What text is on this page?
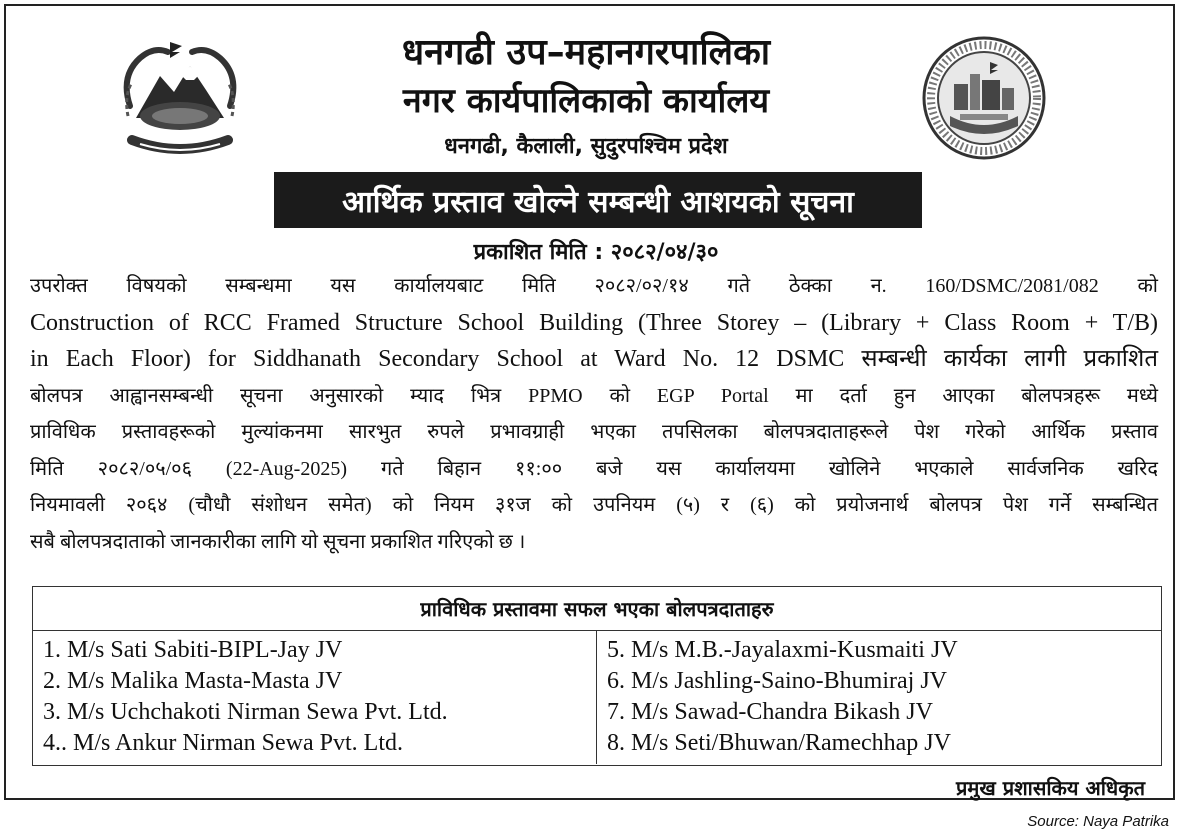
धनगढी उप–महानगरपालिका
नगर कार्यपालिकाको कार्यालय
धनगढी, कैलाली, सुदुरपश्चिम प्रदेश
आर्थिक प्रस्ताव खोल्ने सम्बन्धी आशयको सूचना
प्रकाशित मिति : २०८२/०४/३०
उपरोक्त विषयको सम्बन्धमा यस कार्यालयबाट मिति २०८२/०२/१४ गते ठेक्का न. 160/DSMC/2081/082 को
Construction of RCC Framed Structure School Building (Three Storey – (Library + Class Room + T/B)
in Each Floor) for Siddhanath Secondary School at Ward No. 12 DSMC सम्बन्धी कार्यका लागी प्रकाशित
बोलपत्र आह्वानसम्बन्धी सूचना अनुसारको म्याद भित्र PPMO को EGP Portal मा दर्ता हुन आएका बोलपत्रहरू मध्ये
प्राविधिक प्रस्तावहरूको मुल्यांकनमा सारभुत रुपले प्रभावग्राही भएका तपसिलका बोलपत्रदाताहरूले पेश गरेको आर्थिक प्रस्ताव
मिति २०८२/०५/०६ (22-Aug-2025) गते बिहान ११:०० बजे यस कार्यालयमा खोलिने भएकाले सार्वजनिक खरिद
नियमावली २०६४ (चौधौ संशोधन समेत) को नियम ३१ज को उपनियम (५) र (६) को प्रयोजनार्थ बोलपत्र पेश गर्ने सम्बन्धित
सबै बोलपत्रदाताको जानकारीका लागि यो सूचना प्रकाशित गरिएको छ ।
प्राविधिक प्रस्तावमा सफल भएका बोलपत्रदाताहरु
1. M/s Sati Sabiti-BIPL-Jay JV
2. M/s Malika Masta-Masta JV
3. M/s Uchchakoti Nirman Sewa Pvt. Ltd.
4.. M/s Ankur Nirman Sewa Pvt. Ltd.
5. M/s M.B.-Jayalaxmi-Kusmaiti JV
6. M/s Jashling-Saino-Bhumiraj JV
7. M/s Sawad-Chandra Bikash JV
8. M/s Seti/Bhuwan/Ramechhap JV
प्रमुख प्रशासकिय अधिकृत
Source: Naya Patrika
